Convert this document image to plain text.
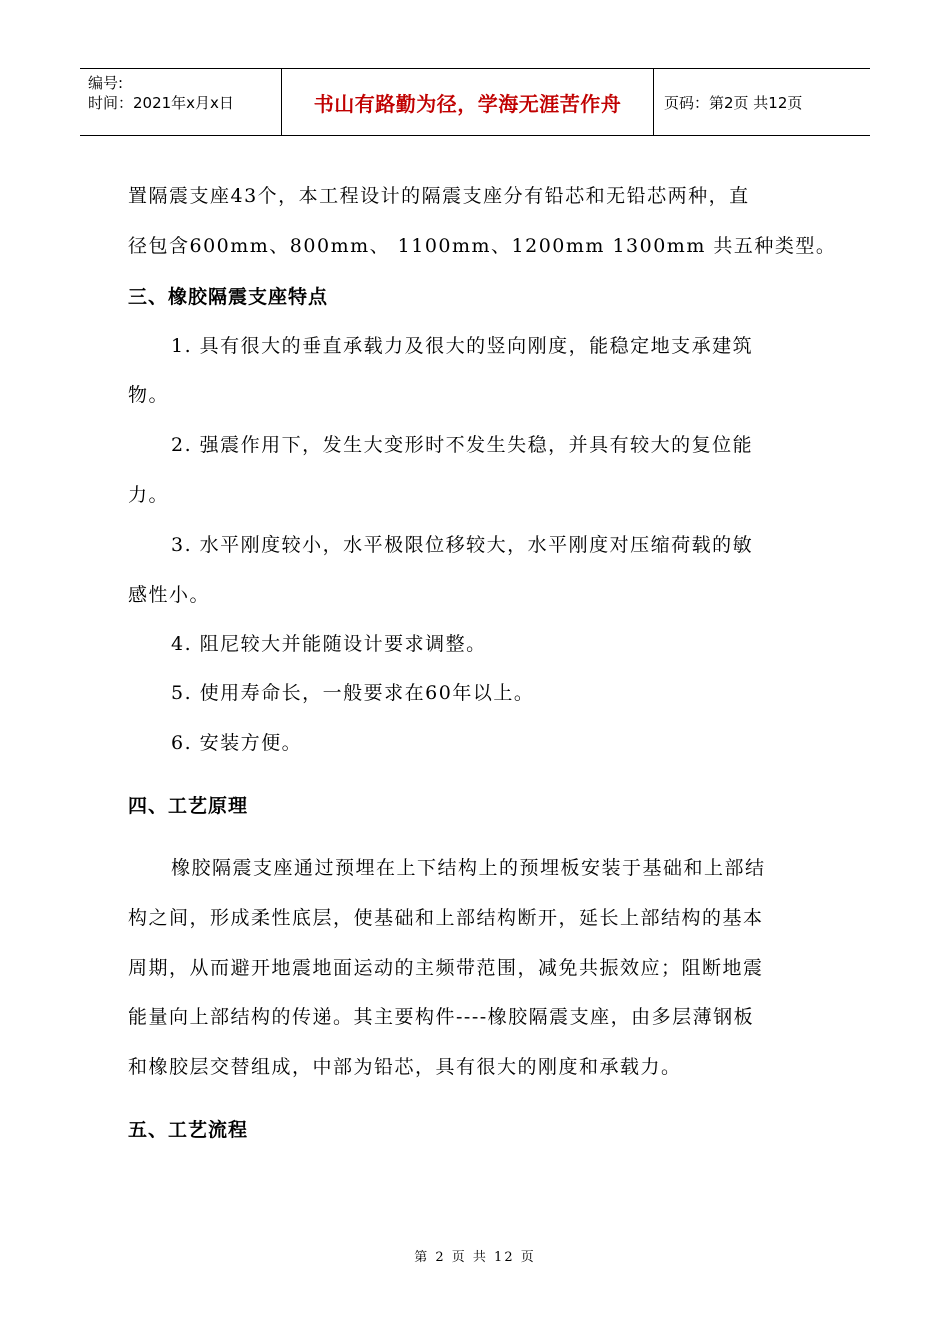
编号:
时间：2021年x月x日	书山有路勤为径，学海无涯苦作舟	页码：第2页 共12页
置隔震支座43个，本工程设计的隔震支座分有铅芯和无铅芯两种，直
径包含600mm、800mm、 1100mm、1200mm 1300mm 共五种类型。
三、橡胶隔震支座特点
1. 具有很大的垂直承载力及很大的竖向刚度，能稳定地支承建筑
物。
2. 强震作用下，发生大变形时不发生失稳，并具有较大的复位能
力。
3. 水平刚度较小，水平极限位移较大，水平刚度对压缩荷载的敏
感性小。
4. 阻尼较大并能随设计要求调整。
5. 使用寿命长，一般要求在60年以上。
6. 安装方便。
四、工艺原理
橡胶隔震支座通过预埋在上下结构上的预埋板安装于基础和上部结
构之间，形成柔性底层，使基础和上部结构断开，延长上部结构的基本
周期，从而避开地震地面运动的主频带范围，减免共振效应；阻断地震
能量向上部结构的传递。其主要构件----橡胶隔震支座，由多层薄钢板
和橡胶层交替组成，中部为铅芯，具有很大的刚度和承载力。
五、工艺流程
第 2 页 共 12 页
